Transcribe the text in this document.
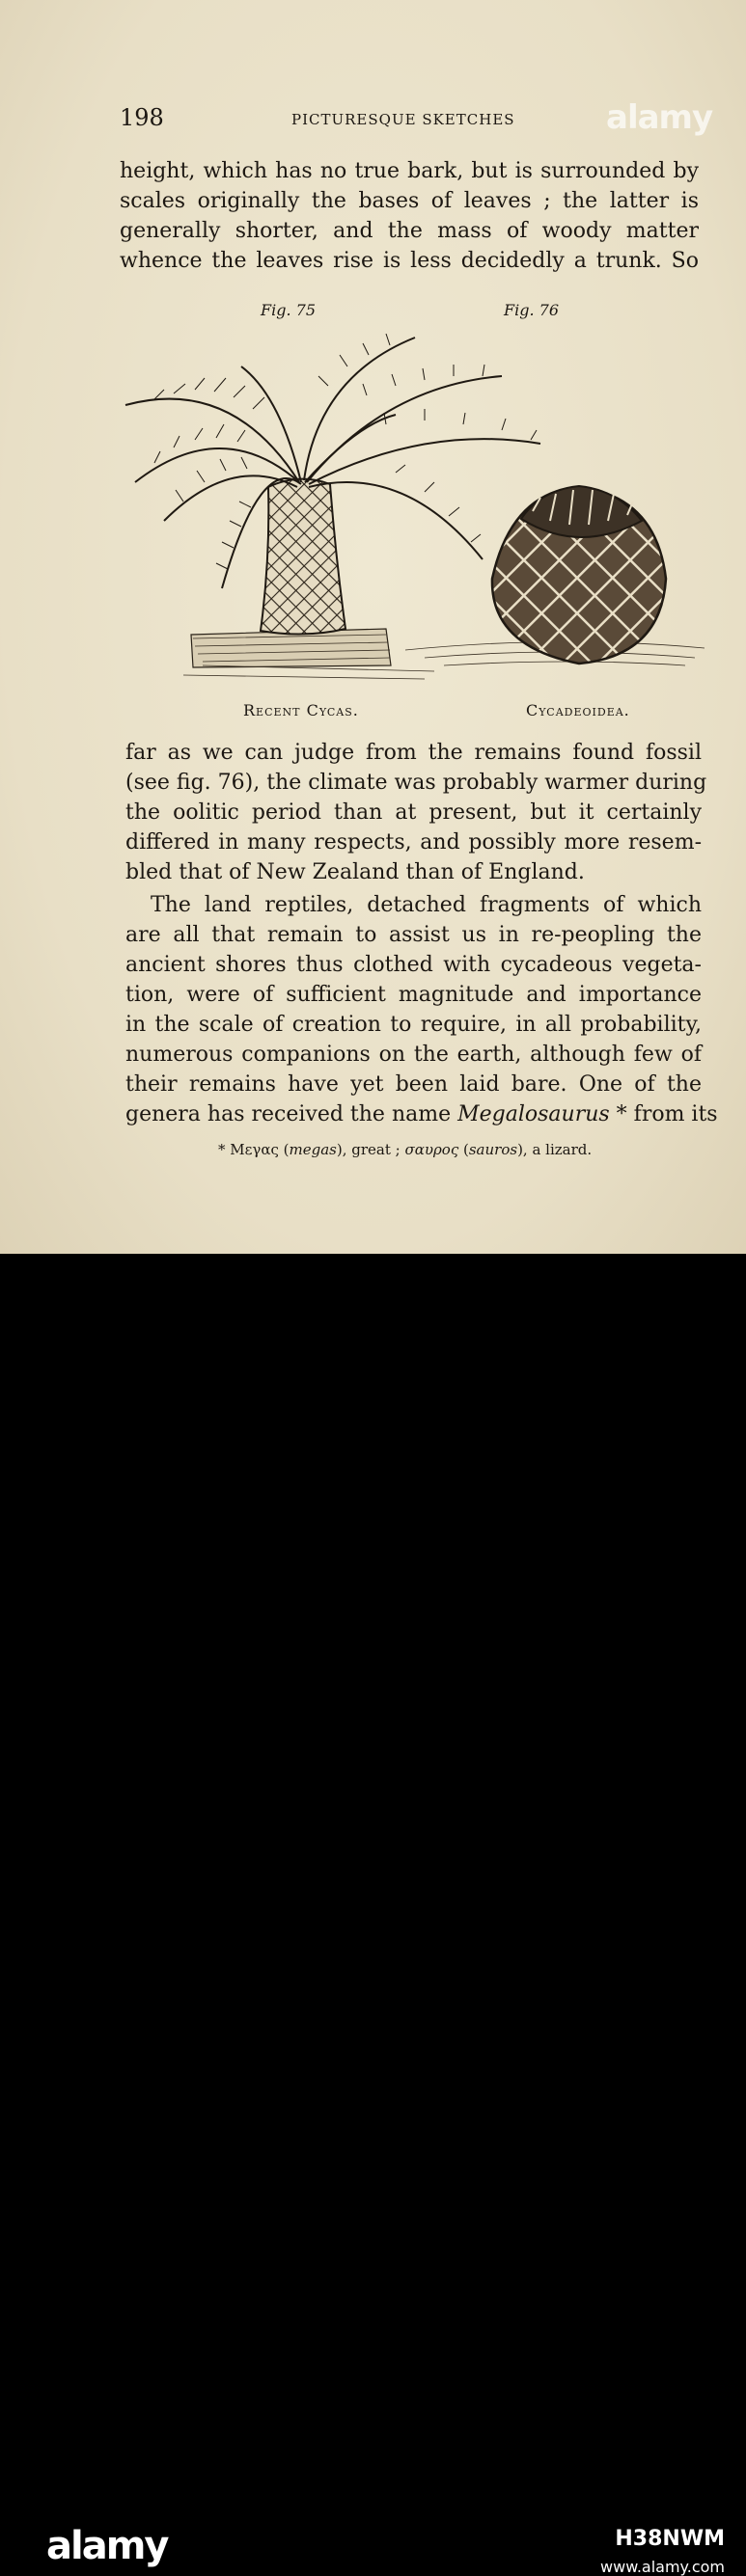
198	PICTURESQUE SKETCHES	alamy
height, which has no true bark, but is surrounded by
scales originally the bases of leaves ; the latter is
generally shorter, and the mass of woody matter
whence the leaves rise is less decidedly a trunk. So
Fig. 75	Fig. 76
Recent Cycas.	Cycadeoidea.
far as we can judge from the remains found fossil
(see fig. 76), the climate was probably warmer during
the oolitic period than at present, but it certainly
differed in many respects, and possibly more resem-
bled that of New Zealand than of England.
The land reptiles, detached fragments of which
are all that remain to assist us in re-peopling the
ancient shores thus clothed with cycadeous vegeta-
tion, were of sufficient magnitude and importance
in the scale of creation to require, in all probability,
numerous companions on the earth, although few of
their remains have yet been laid bare. One of the
genera has received the name Megalosaurus * from its
* Μεγας (megas), great ; σαυρος (sauros), a lizard.
alamy	H38NWM
www.alamy.com
